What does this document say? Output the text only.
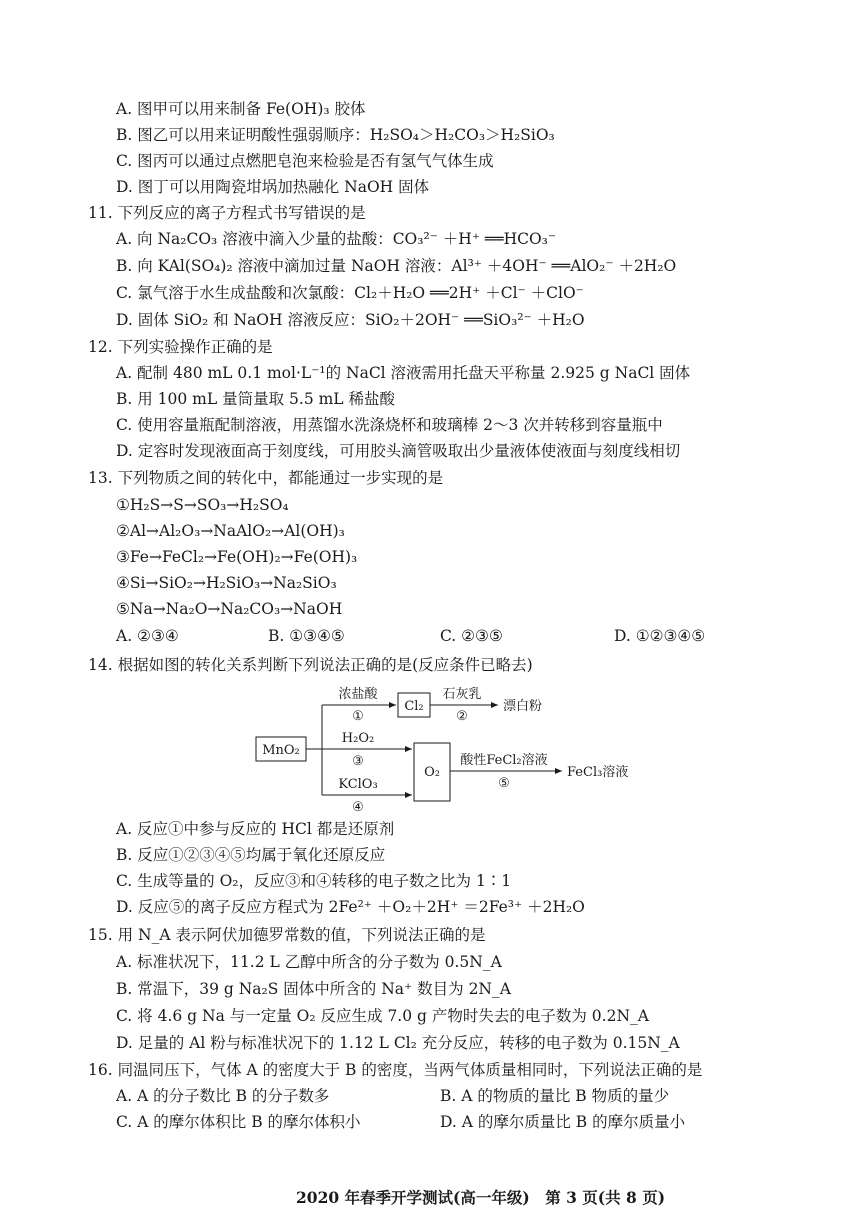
A. 图甲可以用来制备 Fe(OH)₃ 胶体
B. 图乙可以用来证明酸性强弱顺序：H₂SO₄＞H₂CO₃＞H₂SiO₃
C. 图丙可以通过点燃肥皂泡来检验是否有氢气气体生成
D. 图丁可以用陶瓷坩埚加热融化 NaOH 固体
11. 下列反应的离子方程式书写错误的是
A. 向 Na₂CO₃ 溶液中滴入少量的盐酸：CO₃²⁻ ＋H⁺ ══HCO₃⁻
B. 向 KAl(SO₄)₂ 溶液中滴加过量 NaOH 溶液：Al³⁺ ＋4OH⁻ ══AlO₂⁻ ＋2H₂O
C. 氯气溶于水生成盐酸和次氯酸：Cl₂＋H₂O ══2H⁺ ＋Cl⁻ ＋ClO⁻
D. 固体 SiO₂ 和 NaOH 溶液反应：SiO₂＋2OH⁻ ══SiO₃²⁻ ＋H₂O
12. 下列实验操作正确的是
A. 配制 480 mL 0.1 mol·L⁻¹的 NaCl 溶液需用托盘天平称量 2.925 g NaCl 固体
B. 用 100 mL 量筒量取 5.5 mL 稀盐酸
C. 使用容量瓶配制溶液，用蒸馏水洗涤烧杯和玻璃棒 2～3 次并转移到容量瓶中
D. 定容时发现液面高于刻度线，可用胶头滴管吸取出少量液体使液面与刻度线相切
13. 下列物质之间的转化中，都能通过一步实现的是
①H₂S→S→SO₃→H₂SO₄
②Al→Al₂O₃→NaAlO₂→Al(OH)₃
③Fe→FeCl₂→Fe(OH)₂→Fe(OH)₃
④Si→SiO₂→H₂SiO₃→Na₂SiO₃
⑤Na→Na₂O→Na₂CO₃→NaOH
A. ②③④	B. ①③④⑤	C. ②③⑤	D. ①②③④⑤
14. 根据如图的转化关系判断下列说法正确的是(反应条件已略去)
MnO₂
浓盐酸
①
Cl₂
石灰乳
②
漂白粉
H₂O₂
③
KClO₃
④
O₂
酸性FeCl₂溶液
⑤
FeCl₃溶液
A. 反应①中参与反应的 HCl 都是还原剂
B. 反应①②③④⑤均属于氧化还原反应
C. 生成等量的 O₂，反应③和④转移的电子数之比为 1∶1
D. 反应⑤的离子反应方程式为 2Fe²⁺ ＋O₂＋2H⁺ ＝2Fe³⁺ ＋2H₂O
15. 用 N_A 表示阿伏加德罗常数的值，下列说法正确的是
A. 标准状况下，11.2 L 乙醇中所含的分子数为 0.5N_A
B. 常温下，39 g Na₂S 固体中所含的 Na⁺ 数目为 2N_A
C. 将 4.6 g Na 与一定量 O₂ 反应生成 7.0 g 产物时失去的电子数为 0.2N_A
D. 足量的 Al 粉与标准状况下的 1.12 L Cl₂ 充分反应，转移的电子数为 0.15N_A
16. 同温同压下，气体 A 的密度大于 B 的密度，当两气体质量相同时，下列说法正确的是
A. A 的分子数比 B 的分子数多	B. A 的物质的量比 B 物质的量少
C. A 的摩尔体积比 B 的摩尔体积小	D. A 的摩尔质量比 B 的摩尔质量小
2020 年春季开学测试(高一年级)　第 3 页(共 8 页)
